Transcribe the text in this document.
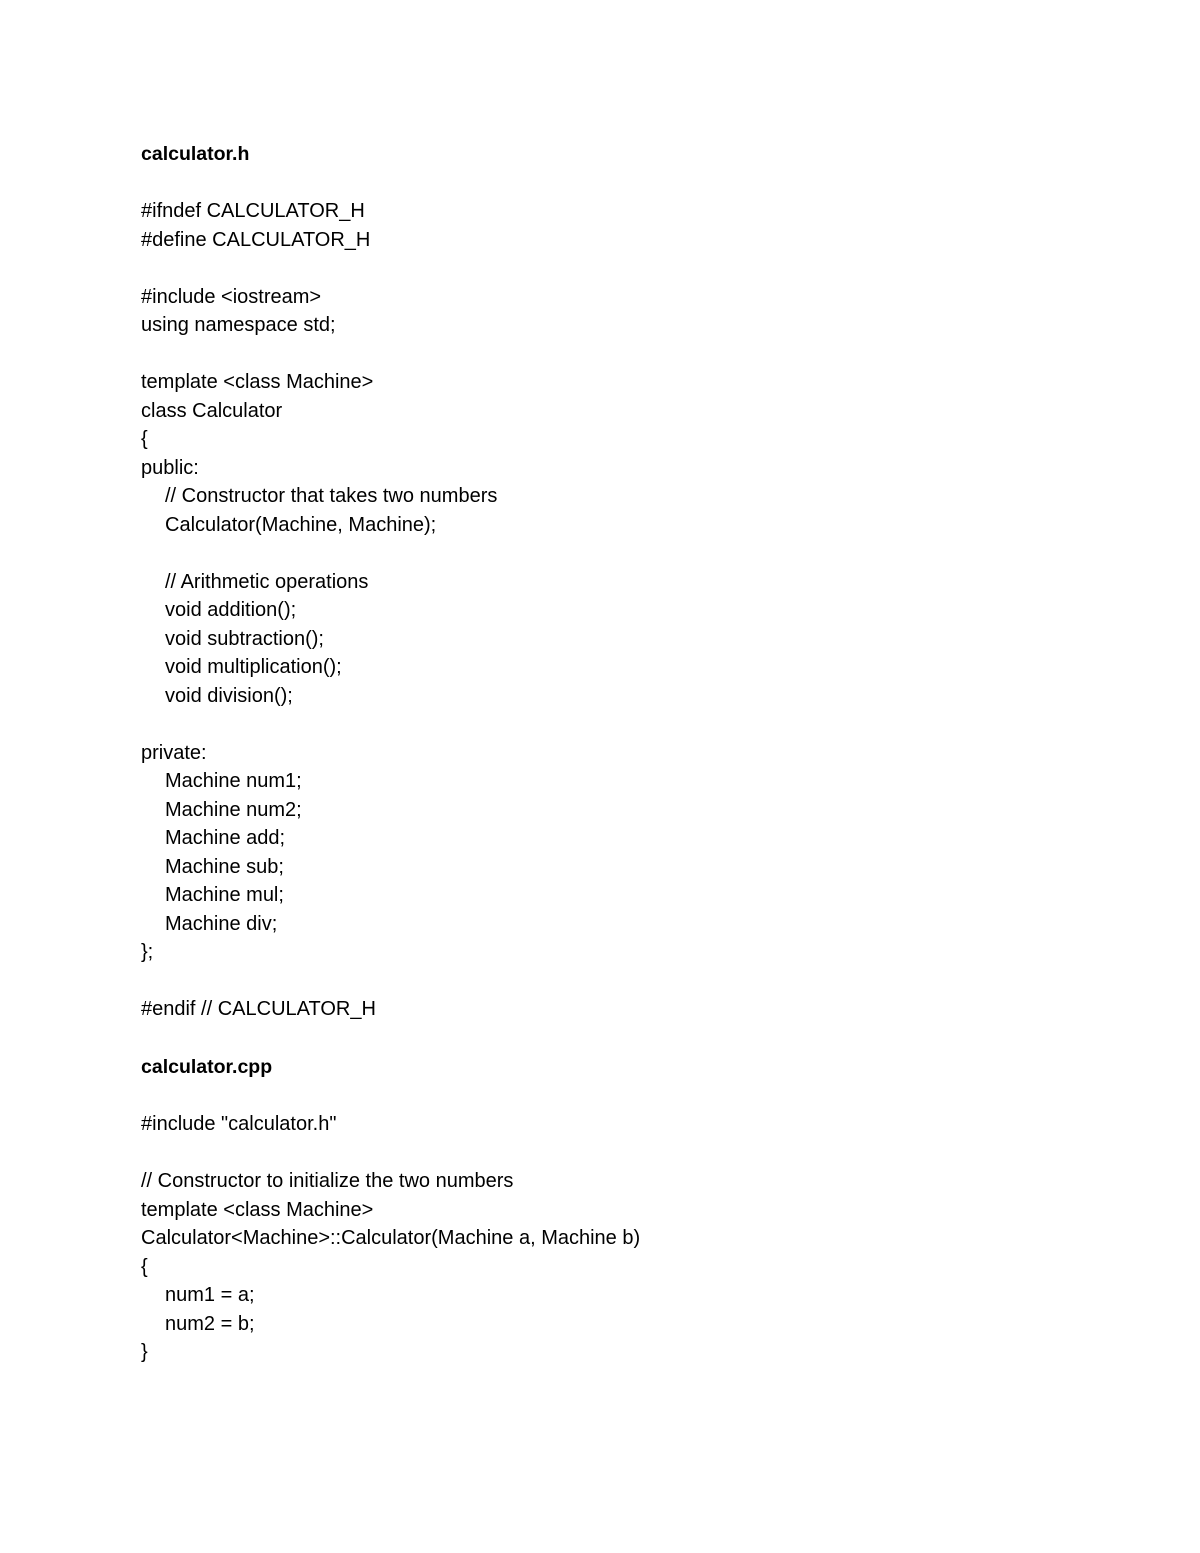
calculator.h
#ifndef CALCULATOR_H
#define CALCULATOR_H
#include <iostream>
using namespace std;
template <class Machine>
class Calculator
{
public:
// Constructor that takes two numbers
Calculator(Machine, Machine);
// Arithmetic operations
void addition();
void subtraction();
void multiplication();
void division();
private:
Machine num1;
Machine num2;
Machine add;
Machine sub;
Machine mul;
Machine div;
};
#endif // CALCULATOR_H
calculator.cpp
#include "calculator.h"
// Constructor to initialize the two numbers
template <class Machine>
Calculator<Machine>::Calculator(Machine a, Machine b)
{
num1 = a;
num2 = b;
}
